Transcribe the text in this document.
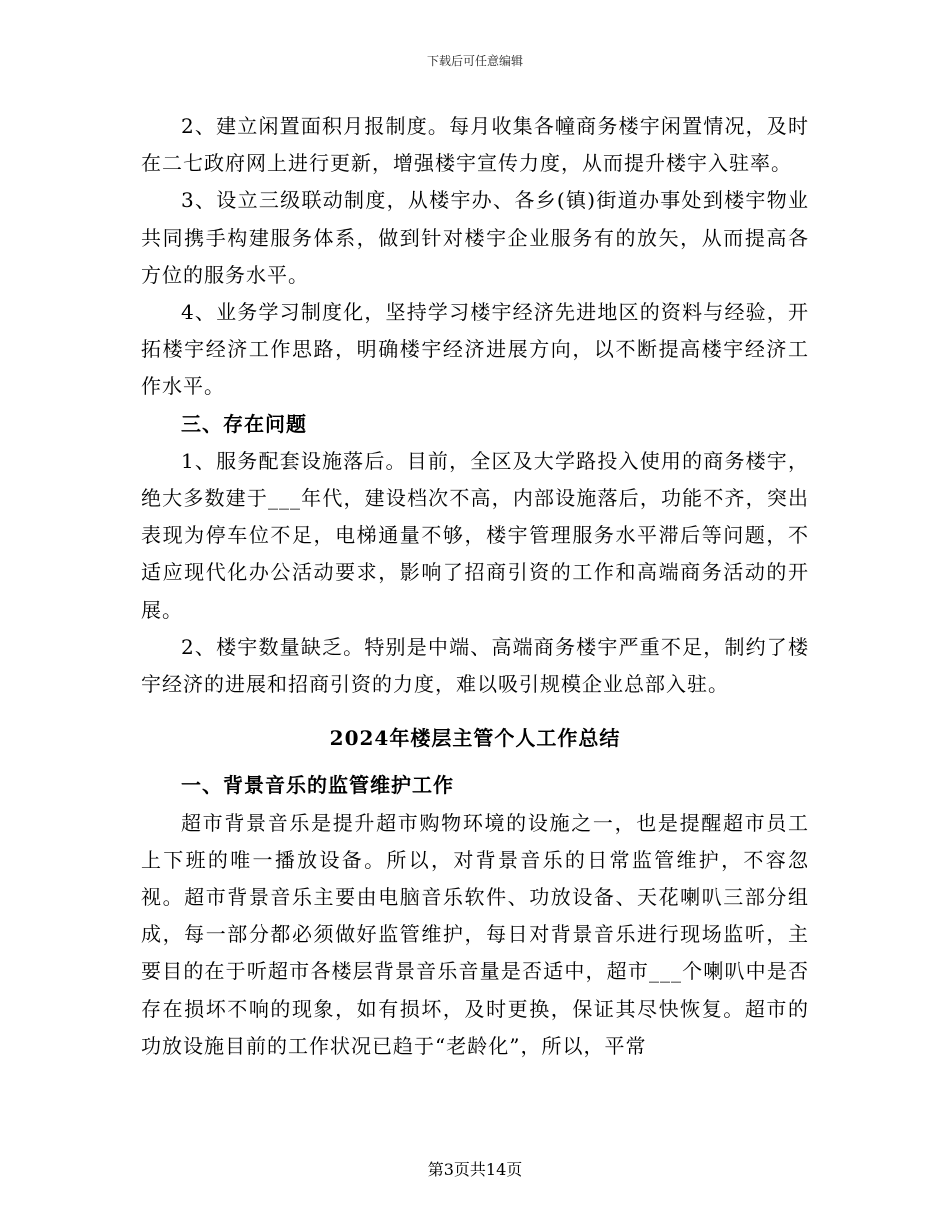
下载后可任意编辑

2、建立闲置面积月报制度。每月收集各幢商务楼宇闲置情况，及时在二七政府网上进行更新，增强楼宇宣传力度，从而提升楼宇入驻率。

3、设立三级联动制度，从楼宇办、各乡(镇)街道办事处到楼宇物业共同携手构建服务体系，做到针对楼宇企业服务有的放矢，从而提高各方位的服务水平。

4、业务学习制度化，坚持学习楼宇经济先进地区的资料与经验，开拓楼宇经济工作思路，明确楼宇经济进展方向，以不断提高楼宇经济工作水平。

三、存在问题

1、服务配套设施落后。目前，全区及大学路投入使用的商务楼宇，绝大多数建于___年代，建设档次不高，内部设施落后，功能不齐，突出表现为停车位不足，电梯通量不够，楼宇管理服务水平滞后等问题，不适应现代化办公活动要求，影响了招商引资的工作和高端商务活动的开展。

2、楼宇数量缺乏。特别是中端、高端商务楼宇严重不足，制约了楼宇经济的进展和招商引资的力度，难以吸引规模企业总部入驻。

2024年楼层主管个人工作总结

一、背景音乐的监管维护工作

超市背景音乐是提升超市购物环境的设施之一，也是提醒超市员工上下班的唯一播放设备。所以，对背景音乐的日常监管维护，不容忽视。超市背景音乐主要由电脑音乐软件、功放设备、天花喇叭三部分组成，每一部分都必须做好监管维护，每日对背景音乐进行现场监听，主要目的在于听超市各楼层背景音乐音量是否适中，超市___个喇叭中是否存在损坏不响的现象，如有损坏，及时更换，保证其尽快恢复。超市的功放设施目前的工作状况已趋于“老龄化”，所以，平常

第3页共14页
